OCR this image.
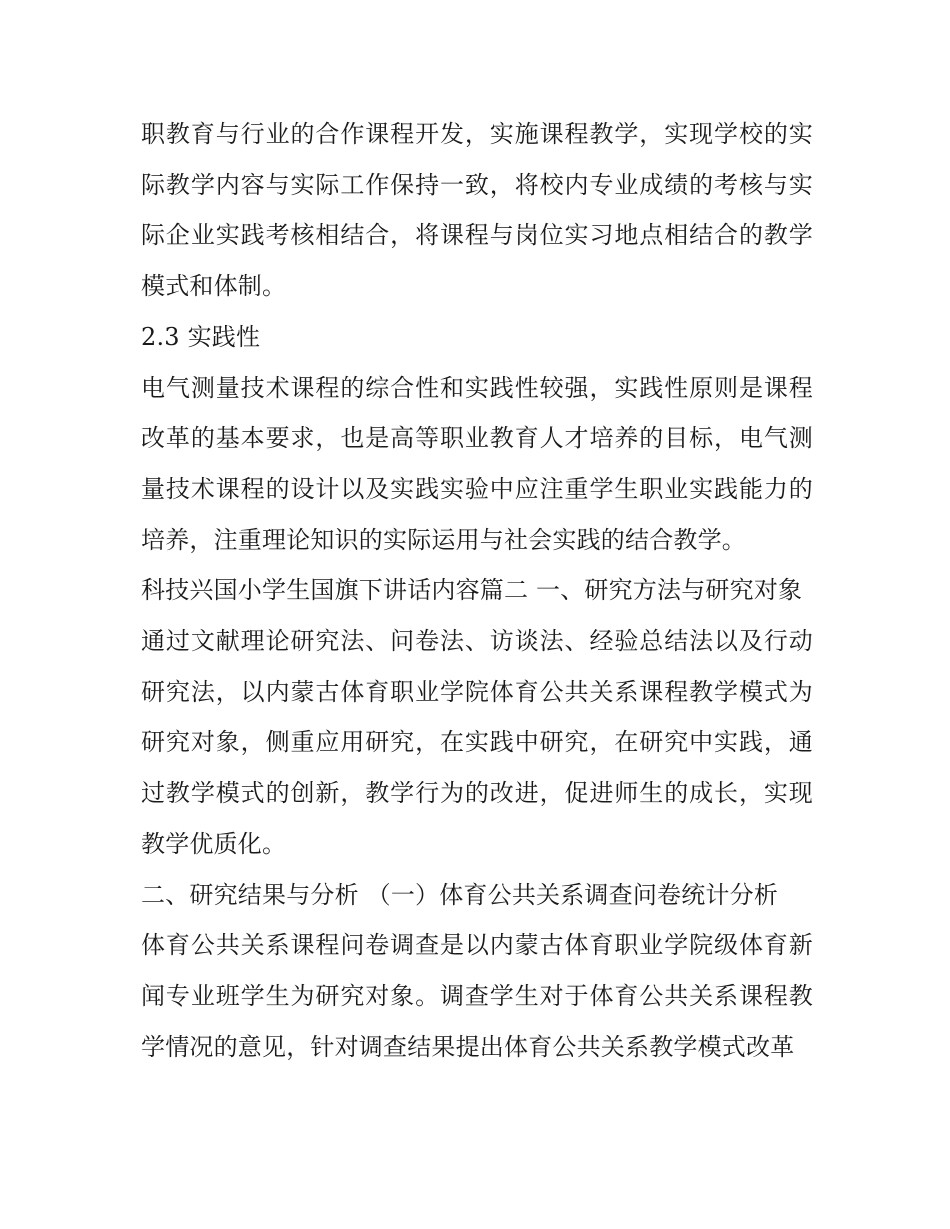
职教育与行业的合作课程开发，实施课程教学，实现学校的实际教学内容与实际工作保持一致，将校内专业成绩的考核与实际企业实践考核相结合，将课程与岗位实习地点相结合的教学模式和体制。

2.3 实践性

电气测量技术课程的综合性和实践性较强，实践性原则是课程改革的基本要求，也是高等职业教育人才培养的目标，电气测量技术课程的设计以及实践实验中应注重学生职业实践能力的培养，注重理论知识的实际运用与社会实践的结合教学。

科技兴国小学生国旗下讲话内容篇二 一、研究方法与研究对象

通过文献理论研究法、问卷法、访谈法、经验总结法以及行动研究法，以内蒙古体育职业学院体育公共关系课程教学模式为研究对象，侧重应用研究，在实践中研究，在研究中实践，通过教学模式的创新，教学行为的改进，促进师生的成长，实现教学优质化。

二、研究结果与分析 （一）体育公共关系调查问卷统计分析

体育公共关系课程问卷调查是以内蒙古体育职业学院级体育新闻专业班学生为研究对象。调查学生对于体育公共关系课程教学情况的意见，针对调查结果提出体育公共关系教学模式改革
